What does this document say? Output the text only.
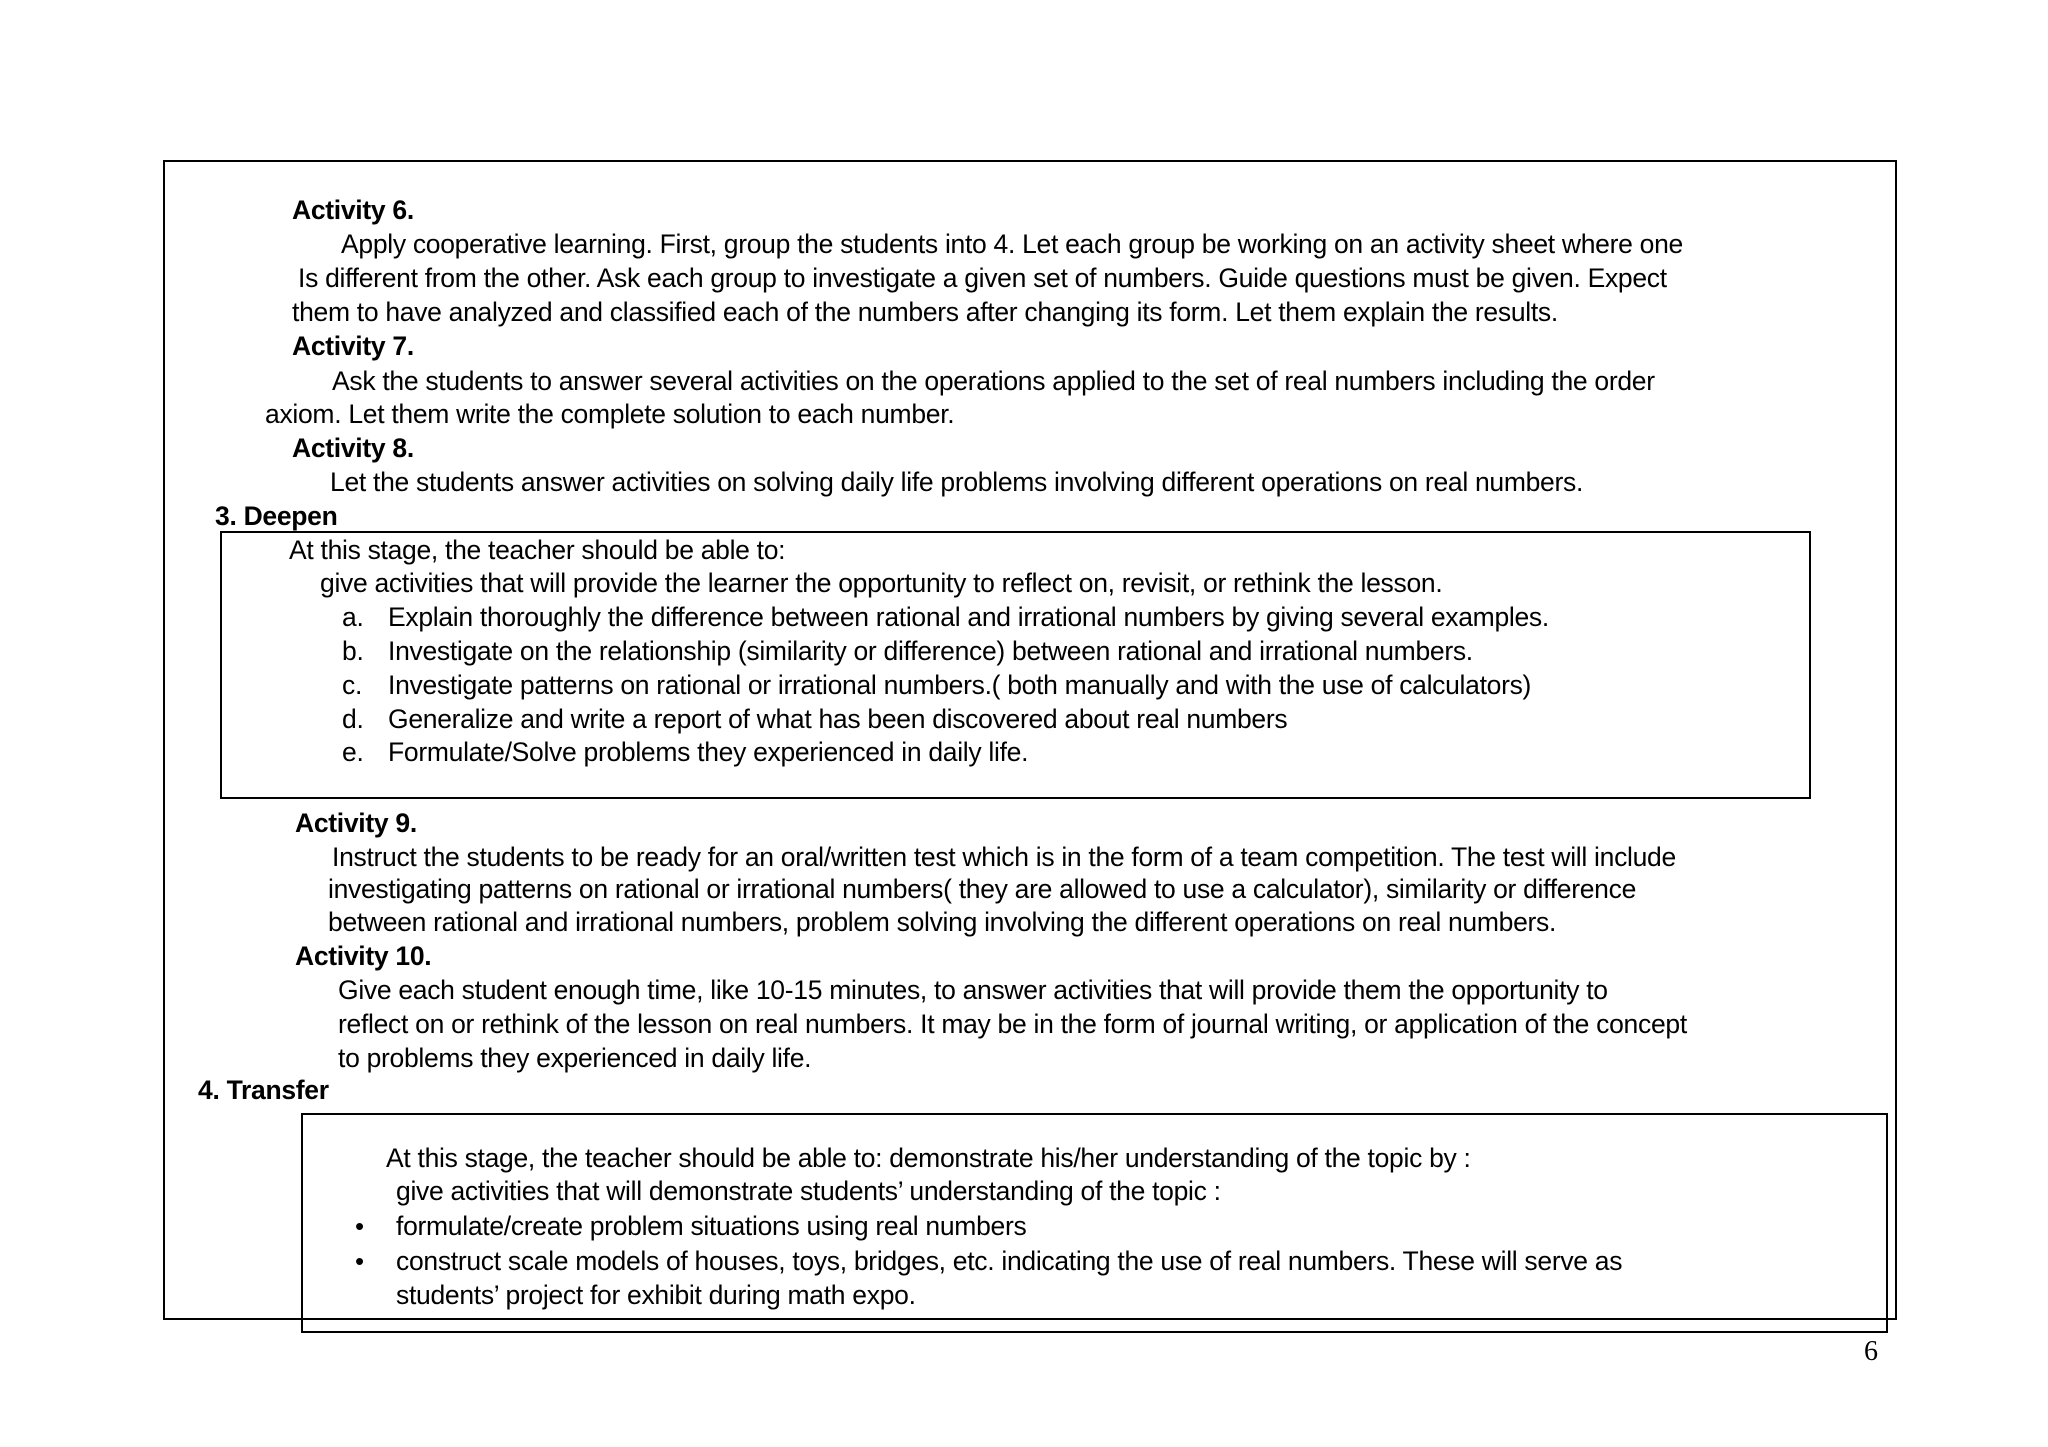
Activity 6.
Apply cooperative learning. First, group the students into 4. Let each group be working on an activity sheet where one
Is different from the other. Ask each group to investigate a given set of numbers. Guide questions must be given. Expect
them to have analyzed and classified each of the numbers after changing its form. Let them explain the results.
Activity 7.
Ask the students to answer several activities on the operations applied to the set of real numbers including the order
axiom. Let them write the complete solution to each number.
Activity 8.
Let the students answer activities on solving daily life problems involving different operations on real numbers.
3. Deepen
At this stage, the teacher should be able to:
give activities that will provide the learner the opportunity to reflect on, revisit, or rethink the lesson.
a. Explain thoroughly the difference between rational and irrational numbers by giving several examples.
b. Investigate on the relationship (similarity or difference) between rational and irrational numbers.
c. Investigate patterns on rational or irrational numbers.( both manually and with the use of calculators)
d. Generalize and write a report of what has been discovered about real numbers
e. Formulate/Solve problems they experienced in daily life.
Activity 9.
Instruct the students to be ready for an oral/written test which is in the form of a team competition. The test will include
investigating patterns on rational or irrational numbers( they are allowed to use a calculator), similarity or difference
between rational and irrational numbers, problem solving involving the different operations on real numbers.
Activity 10.
Give each student enough time, like 10-15 minutes, to answer activities that will provide them the opportunity to
reflect on or rethink of the lesson on real numbers. It may be in the form of journal writing, or application of the concept
to problems they experienced in daily life.
4. Transfer
At this stage, the teacher should be able to: demonstrate his/her understanding of the topic by :
give activities that will demonstrate students’ understanding of the topic :
• formulate/create problem situations using real numbers
• construct scale models of houses, toys, bridges, etc. indicating the use of real numbers. These will serve as
students’ project for exhibit during math expo.
6
